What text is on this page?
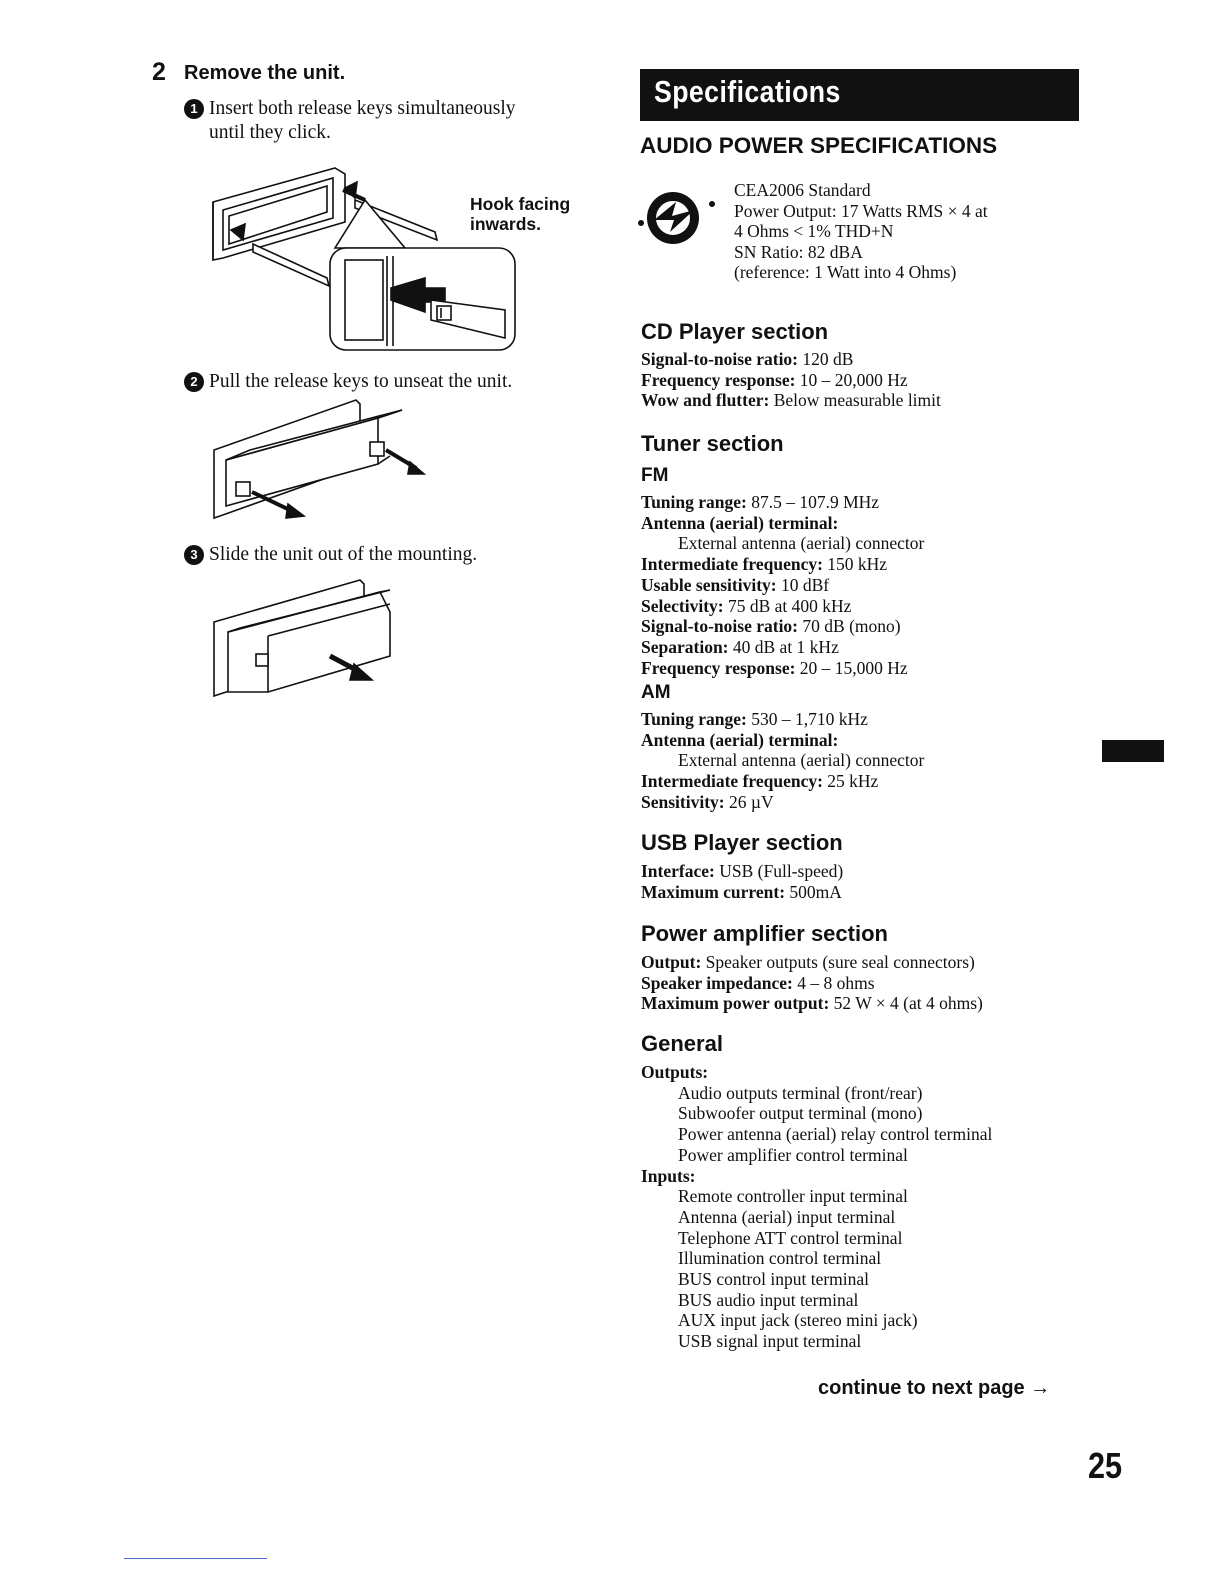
2 Remove the unit.
1 Insert both release keys simultaneously
until they click.
Hook facing
inwards.
2 Pull the release keys to unseat the unit.
3 Slide the unit out of the mounting.
Specifications
AUDIO POWER SPECIFICATIONS
CEA2006 Standard
Power Output: 17 Watts RMS × 4 at
4 Ohms < 1% THD+N
SN Ratio: 82 dBA
(reference: 1 Watt into 4 Ohms)
CD Player section
Signal-to-noise ratio: 120 dB
Frequency response: 10 – 20,000 Hz
Wow and flutter: Below measurable limit
Tuner section
FM
Tuning range: 87.5 – 107.9 MHz
Antenna (aerial) terminal:
External antenna (aerial) connector
Intermediate frequency: 150 kHz
Usable sensitivity: 10 dBf
Selectivity: 75 dB at 400 kHz
Signal-to-noise ratio: 70 dB (mono)
Separation: 40 dB at 1 kHz
Frequency response: 20 – 15,000 Hz
AM
Tuning range: 530 – 1,710 kHz
Antenna (aerial) terminal:
External antenna (aerial) connector
Intermediate frequency: 25 kHz
Sensitivity: 26 µV
USB Player section
Interface: USB (Full-speed)
Maximum current: 500mA
Power amplifier section
Output: Speaker outputs (sure seal connectors)
Speaker impedance: 4 – 8 ohms
Maximum power output: 52 W × 4 (at 4 ohms)
General
Outputs:
Audio outputs terminal (front/rear)
Subwoofer output terminal (mono)
Power antenna (aerial) relay control terminal
Power amplifier control terminal
Inputs:
Remote controller input terminal
Antenna (aerial) input terminal
Telephone ATT control terminal
Illumination control terminal
BUS control input terminal
BUS audio input terminal
AUX input jack (stereo mini jack)
USB signal input terminal
continue to next page →
25
